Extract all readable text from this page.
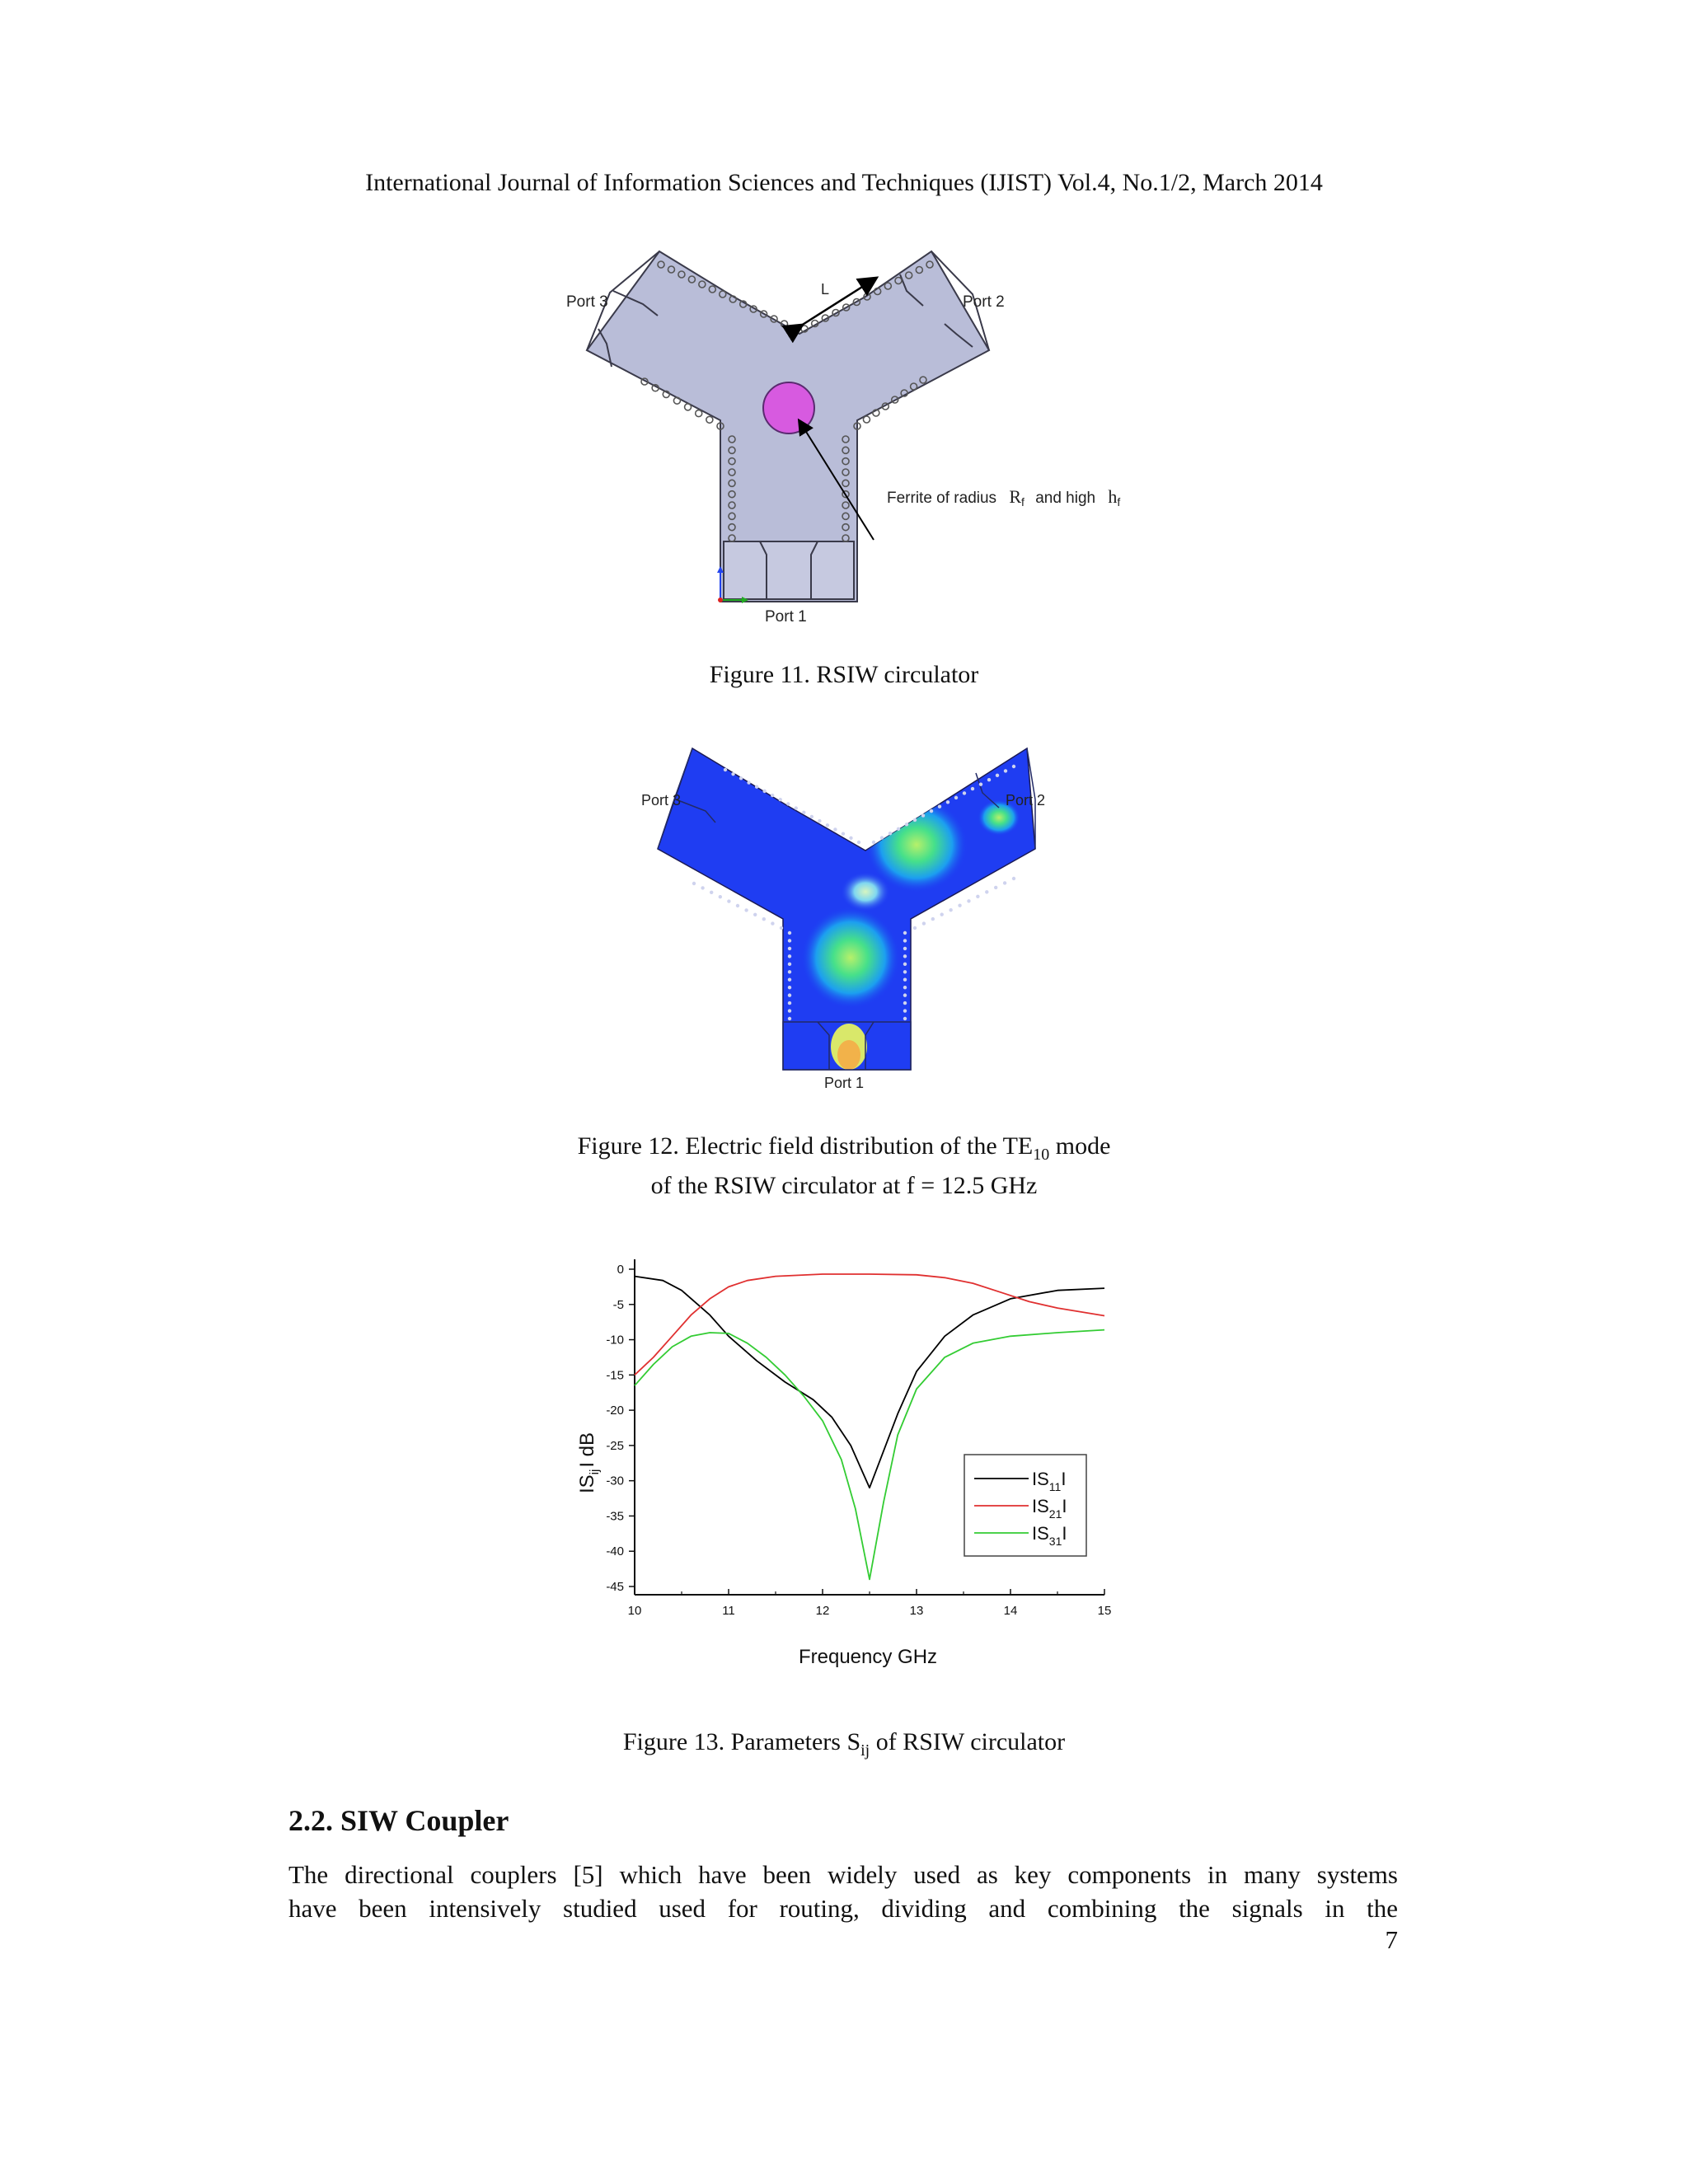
International Journal of Information Sciences and Techniques (IJIST) Vol.4, No.1/2, March 2014
L
Port 3	Port 2
Port 1
Ferrite of radius $R_f$ and high $h_f$
Figure 11. RSIW circulator
Port 3	Port 2
Port 1
Figure 12. Electric field distribution of the $TE_{10}$ mode
of the RSIW circulator at f = 12.5 GHz
10	11	12	13	14	15
0
-5
-10
-15
-20
-25
-30
-35
-40
-45
$IS_{11}I$
$IS_{21}I$
$IS_{31}I$
Frequency GHz
$IS_{ij}I$ dB
Figure 13. Parameters $S_{ij}$ of RSIW circulator
2.2. SIW Coupler
The directional couplers [5] which have been widely used as key components in many systems
have been intensively studied used for routing, dividing and combining the signals in the
7
